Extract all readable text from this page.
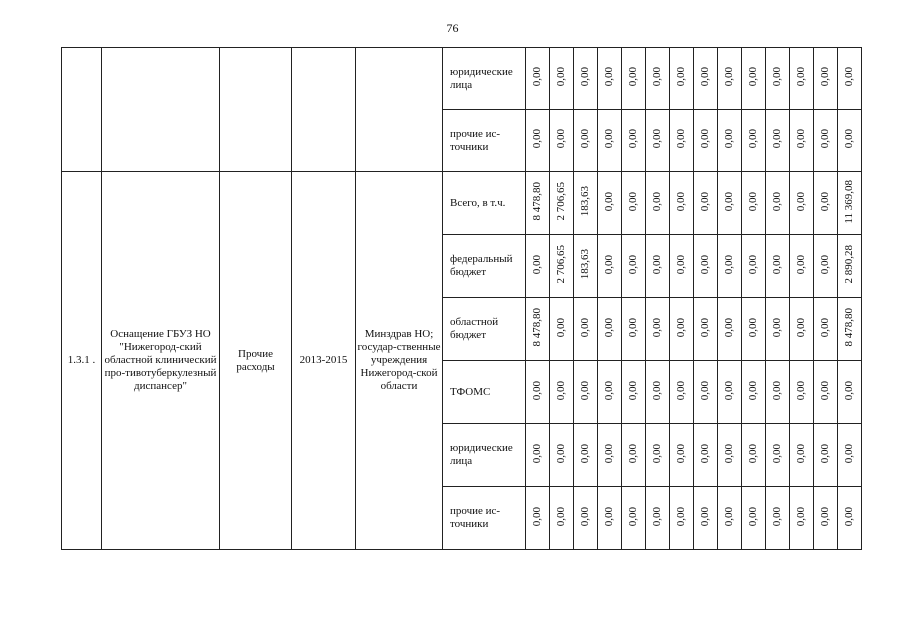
76
					юридические лица	0,00	0,00	0,00	0,00	0,00	0,00	0,00	0,00	0,00	0,00	0,00	0,00	0,00	0,00
					прочие ис-точники	0,00	0,00	0,00	0,00	0,00	0,00	0,00	0,00	0,00	0,00	0,00	0,00	0,00	0,00
1.3.1 .	Оснащение ГБУЗ НО "Нижегород-ский областной клинический про-тивотуберкулезный диспансер"	Прочие расходы	2013-2015	Минздрав НО; государ-ственные учреждения Нижегород-ской области	Всего, в т.ч.	8 478,80	2 706,65	183,63	0,00	0,00	0,00	0,00	0,00	0,00	0,00	0,00	0,00	0,00	11 369,08
					федеральный бюджет	0,00	2 706,65	183,63	0,00	0,00	0,00	0,00	0,00	0,00	0,00	0,00	0,00	0,00	2 890,28
					областной бюджет	8 478,80	0,00	0,00	0,00	0,00	0,00	0,00	0,00	0,00	0,00	0,00	0,00	0,00	8 478,80
					ТФОМС	0,00	0,00	0,00	0,00	0,00	0,00	0,00	0,00	0,00	0,00	0,00	0,00	0,00	0,00
					юридические лица	0,00	0,00	0,00	0,00	0,00	0,00	0,00	0,00	0,00	0,00	0,00	0,00	0,00	0,00
					прочие ис-точники	0,00	0,00	0,00	0,00	0,00	0,00	0,00	0,00	0,00	0,00	0,00	0,00	0,00	0,00
